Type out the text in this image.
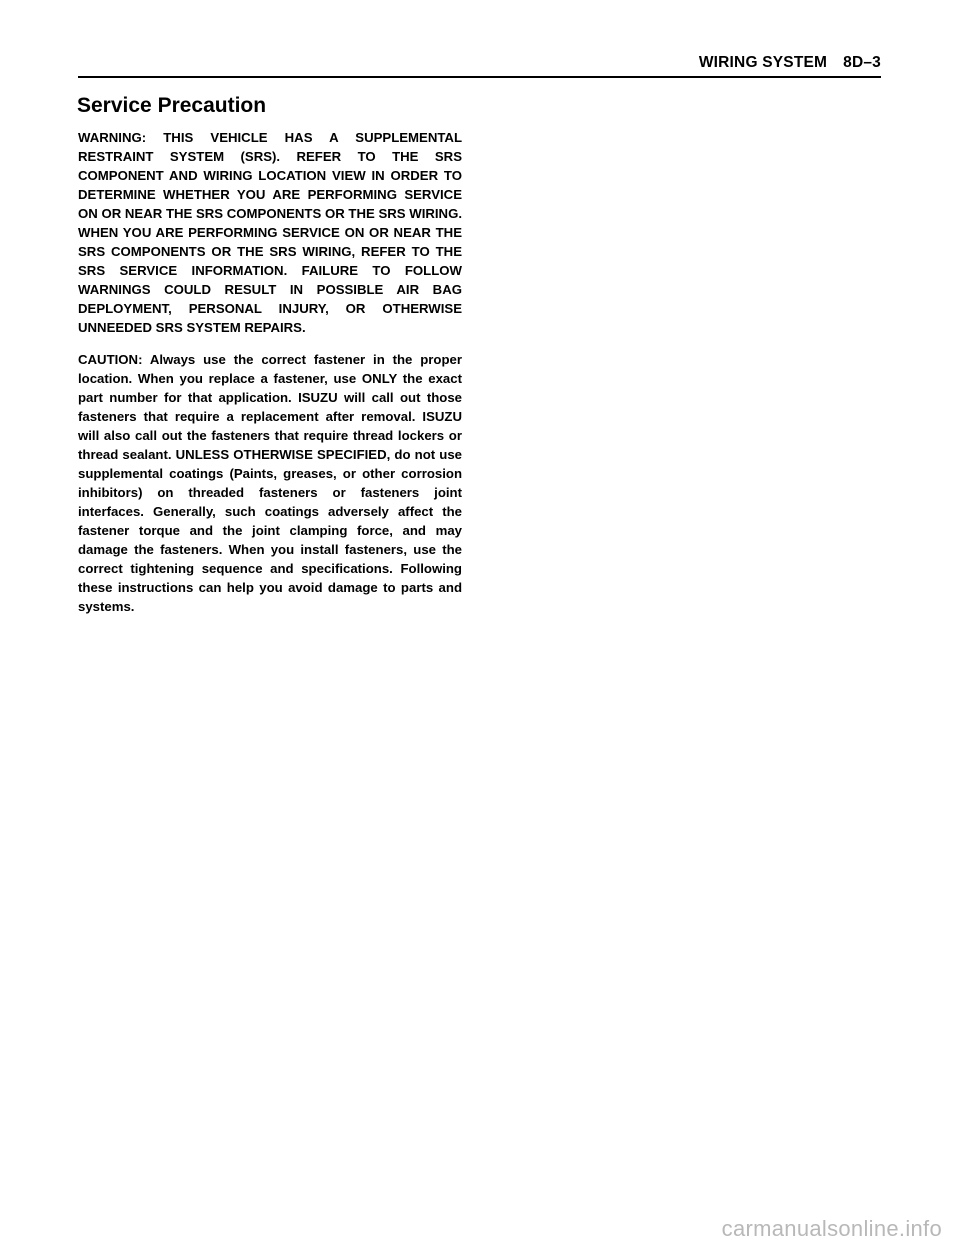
WIRING SYSTEM 8D–3
Service Precaution

WARNING: THIS VEHICLE HAS A SUPPLEMENTAL RESTRAINT SYSTEM (SRS). REFER TO THE SRS COMPONENT AND WIRING LOCATION VIEW IN ORDER TO DETERMINE WHETHER YOU ARE PERFORMING SERVICE ON OR NEAR THE SRS COMPONENTS OR THE SRS WIRING. WHEN YOU ARE PERFORMING SERVICE ON OR NEAR THE SRS COMPONENTS OR THE SRS WIRING, REFER TO THE SRS SERVICE INFORMATION. FAILURE TO FOLLOW WARNINGS COULD RESULT IN POSSIBLE AIR BAG DEPLOYMENT, PERSONAL INJURY, OR OTHERWISE UNNEEDED SRS SYSTEM REPAIRS.

CAUTION: Always use the correct fastener in the proper location. When you replace a fastener, use ONLY the exact part number for that application. ISUZU will call out those fasteners that require a replacement after removal. ISUZU will also call out the fasteners that require thread lockers or thread sealant. UNLESS OTHERWISE SPECIFIED, do not use supplemental coatings (Paints, greases, or other corrosion inhibitors) on threaded fasteners or fasteners joint interfaces. Generally, such coatings adversely affect the fastener torque and the joint clamping force, and may damage the fasteners. When you install fasteners, use the correct tightening sequence and specifications. Following these instructions can help you avoid damage to parts and systems.

carmanualsonline.info
